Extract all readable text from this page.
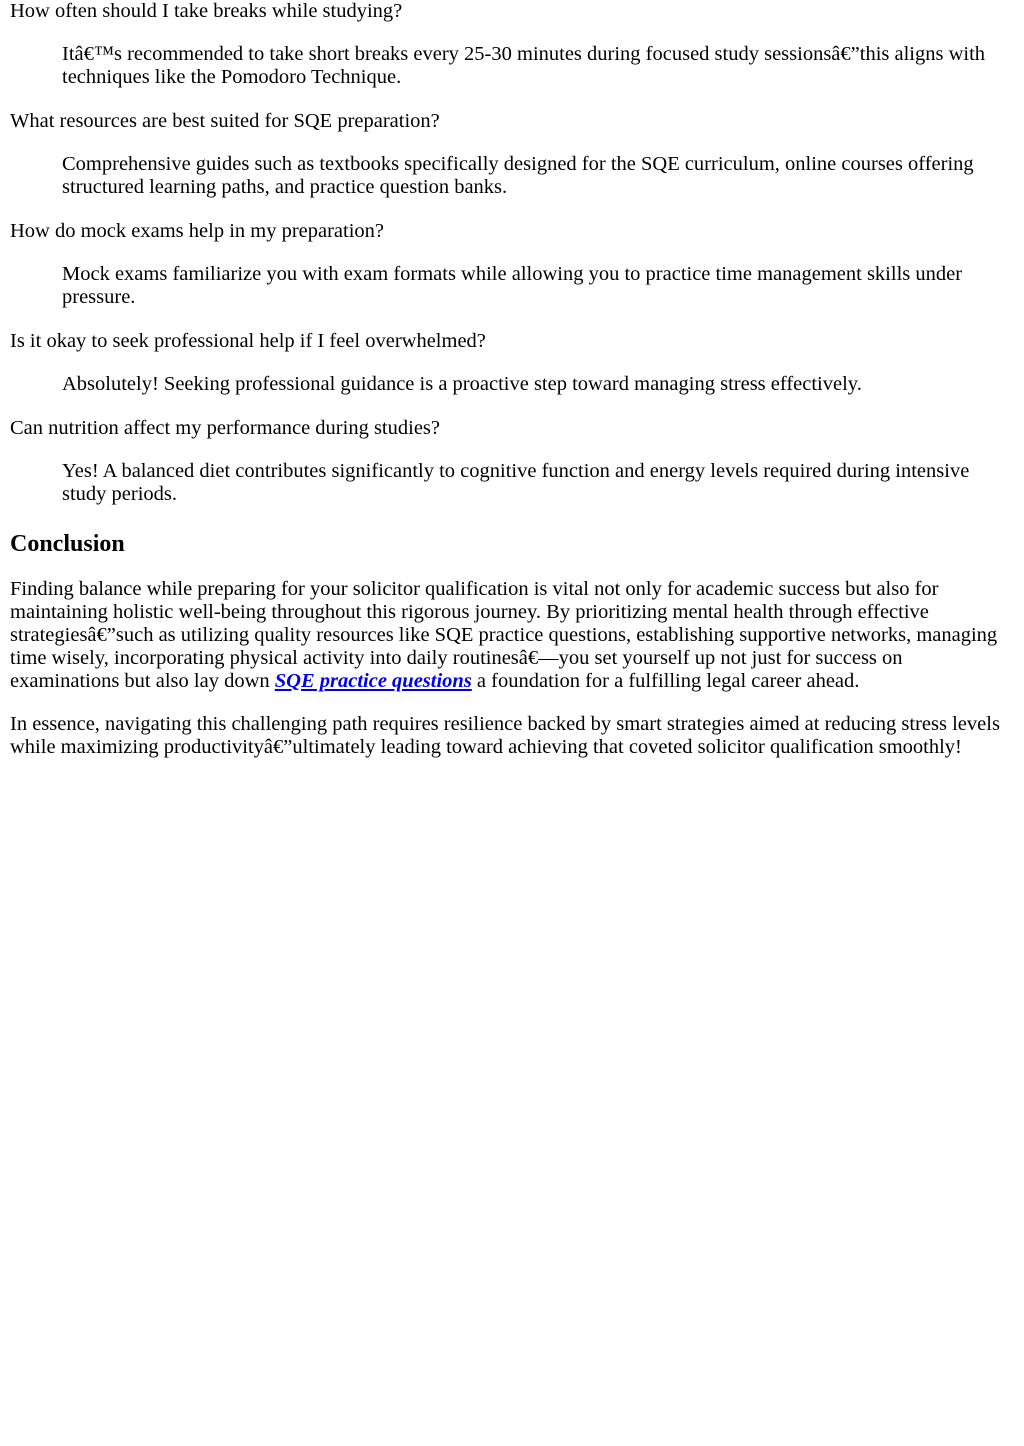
How often should I take breaks while studying?
Itâ€™s recommended to take short breaks every 25-30 minutes during focused study sessionsâ€”this aligns with techniques like the Pomodoro Technique.
What resources are best suited for SQE preparation?
Comprehensive guides such as textbooks specifically designed for the SQE curriculum, online courses offering structured learning paths, and practice question banks.
How do mock exams help in my preparation?
Mock exams familiarize you with exam formats while allowing you to practice time management skills under pressure.
Is it okay to seek professional help if I feel overwhelmed?
Absolutely! Seeking professional guidance is a proactive step toward managing stress effectively.
Can nutrition affect my performance during studies?
Yes! A balanced diet contributes significantly to cognitive function and energy levels required during intensive study periods.
Conclusion

Finding balance while preparing for your solicitor qualification is vital not only for academic success but also for maintaining holistic well-being throughout this rigorous journey. By prioritizing mental health through effective strategiesâ€”such as utilizing quality resources like SQE practice questions, establishing supportive networks, managing time wisely, incorporating physical activity into daily routinesâ€—you set yourself up not just for success on examinations but also lay down SQE practice questions a foundation for a fulfilling legal career ahead.

In essence, navigating this challenging path requires resilience backed by smart strategies aimed at reducing stress levels while maximizing productivityâ€”ultimately leading toward achieving that coveted solicitor qualification smoothly!
